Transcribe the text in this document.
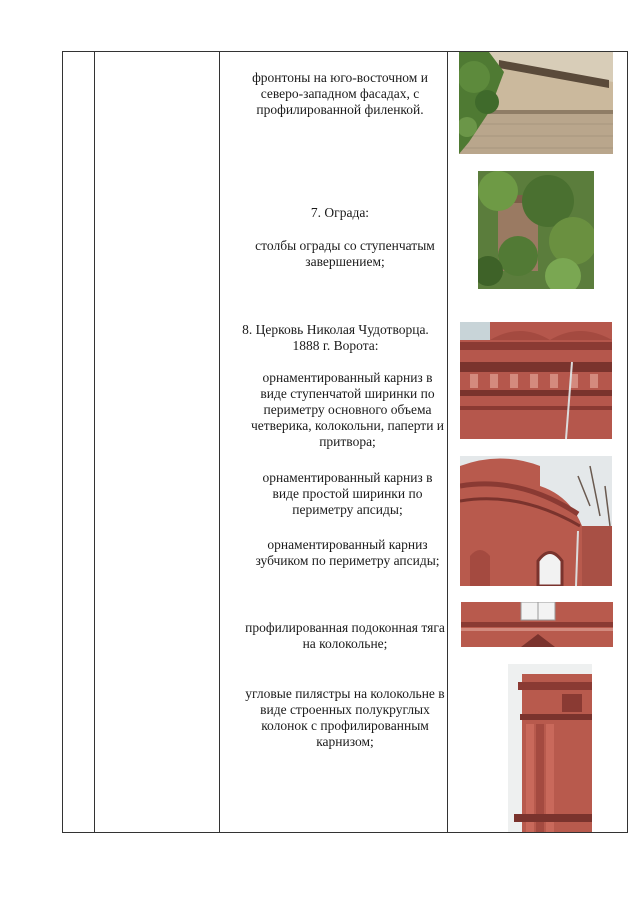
фронтоны на юго-восточном и северо-западном фасадах, с профилированной филенкой.
7. Ограда:
столбы ограды со ступенчатым завершением;
8. Церковь Николая Чудотворца. 1888 г. Ворота:
орнаментированный карниз в виде ступенчатой ширинки по периметру основного объема четверика, колокольни, паперти и притвора;
орнаментированный карниз в виде простой ширинки по периметру апсиды;
орнаментированный карниз зубчиком по периметру апсиды;
профилированная подоконная тяга на колокольне;
угловые пилястры на колокольне в виде строенных полукруглых колонок с профилированным карнизом;
